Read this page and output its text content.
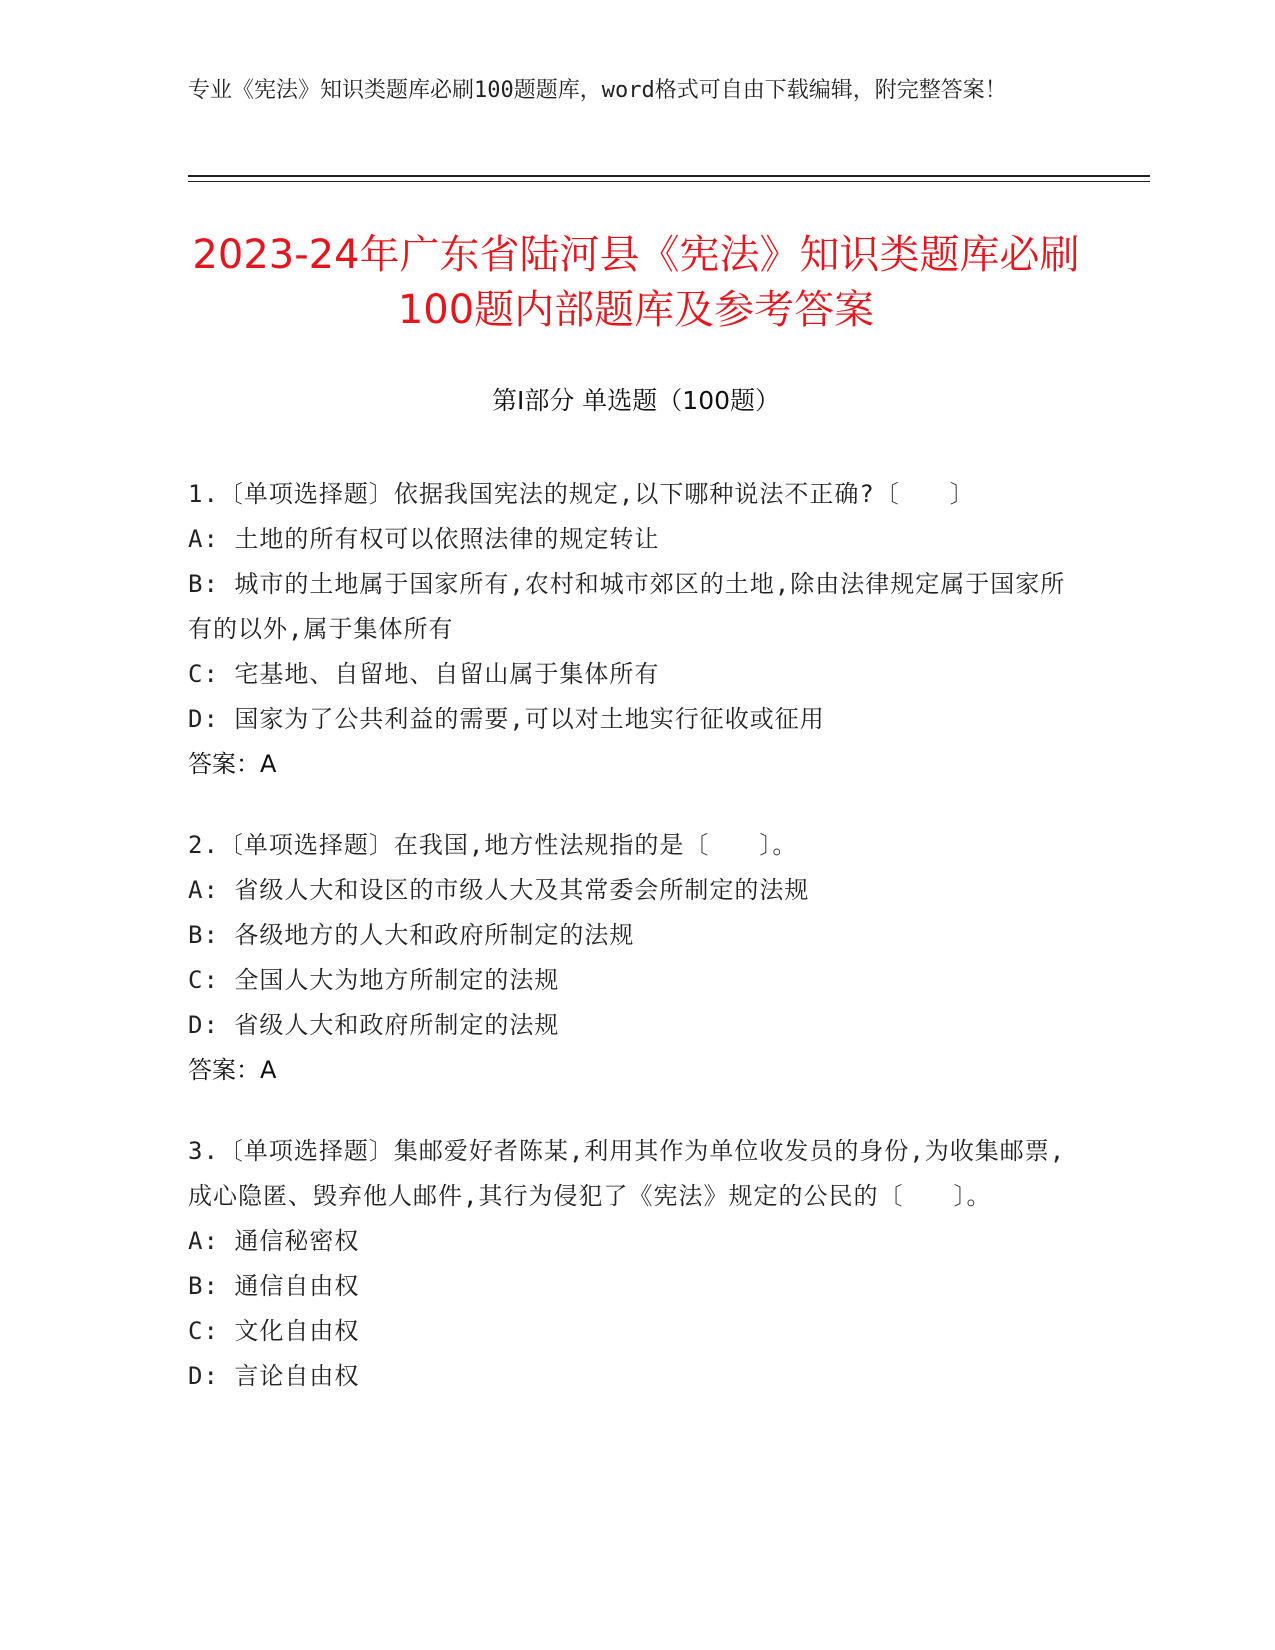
专业《宪法》知识类题库必刷100题题库，word格式可自由下载编辑，附完整答案！
2023-24年广东省陆河县《宪法》知识类题库必刷100题内部题库及参考答案
第Ⅰ部分 单选题（100题）
1.〔单项选择题〕依据我国宪法的规定,以下哪种说法不正确?〔　　〕
A: 土地的所有权可以依照法律的规定转让
B: 城市的土地属于国家所有,农村和城市郊区的土地,除由法律规定属于国家所有的以外,属于集体所有
C: 宅基地、自留地、自留山属于集体所有
D: 国家为了公共利益的需要,可以对土地实行征收或征用
答案：A
2.〔单项选择题〕在我国,地方性法规指的是〔　　〕。
A: 省级人大和设区的市级人大及其常委会所制定的法规
B: 各级地方的人大和政府所制定的法规
C: 全国人大为地方所制定的法规
D: 省级人大和政府所制定的法规
答案：A
3.〔单项选择题〕集邮爱好者陈某,利用其作为单位收发员的身份,为收集邮票,成心隐匿、毁弃他人邮件,其行为侵犯了《宪法》规定的公民的〔　　〕。
A: 通信秘密权
B: 通信自由权
C: 文化自由权
D: 言论自由权
